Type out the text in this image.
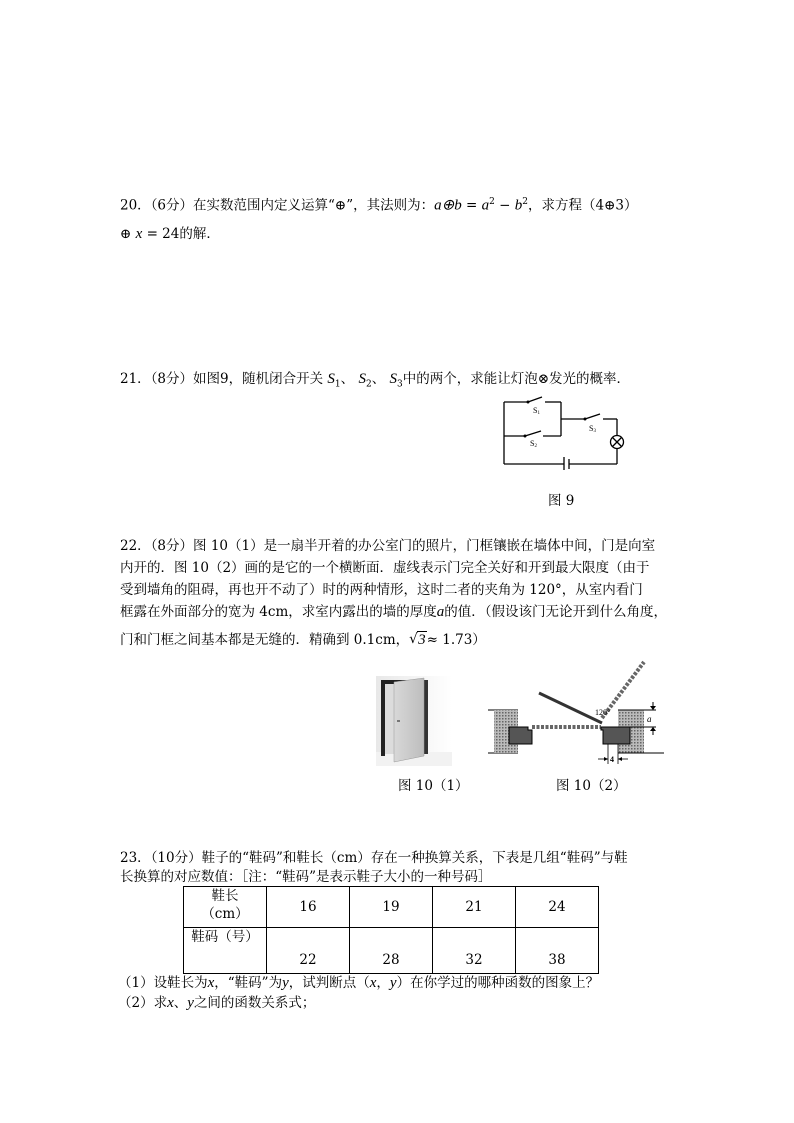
20．（6分）在实数范围内定义运算“⊕”，其法则为：a⊕b = $a^2 - b^2$，求方程（4⊕3）
⊕ x = 24的解．
21．（8分）如图9，随机闭合开关 $S_1$、 $S_2$、 $S_3$中的两个，求能让灯泡⊗发光的概率．
S1
S2
S3
图 9
22．（8分）图 10（1）是一扇半开着的办公室门的照片，门框镶嵌在墙体中间，门是向室
内开的．图 10（2）画的是它的一个横断面．虚线表示门完全关好和开到最大限度（由于
受到墙角的阻碍，再也开不动了）时的两种情形，这时二者的夹角为 120°，从室内看门
框露在外面部分的宽为 4cm，求室内露出的墙的厚度a的值．（假设该门无论开到什么角度，
门和门框之间基本都是无缝的．精确到 0.1cm， √ 3≈ 1.73）
图 10（1）
120°
a
4
图 10（2）
23．（10分）鞋子的“鞋码”和鞋长（cm）存在一种换算关系，下表是几组“鞋码”与鞋
长换算的对应数值：［注：“鞋码”是表示鞋子大小的一种号码］
鞋长
（cm）	16	19	21	24
鞋码（号）	22	28	32	38
（1）设鞋长为x，“鞋码”为y，试判断点（x，y）在你学过的哪种函数的图象上？
（2）求x、y之间的函数关系式；
